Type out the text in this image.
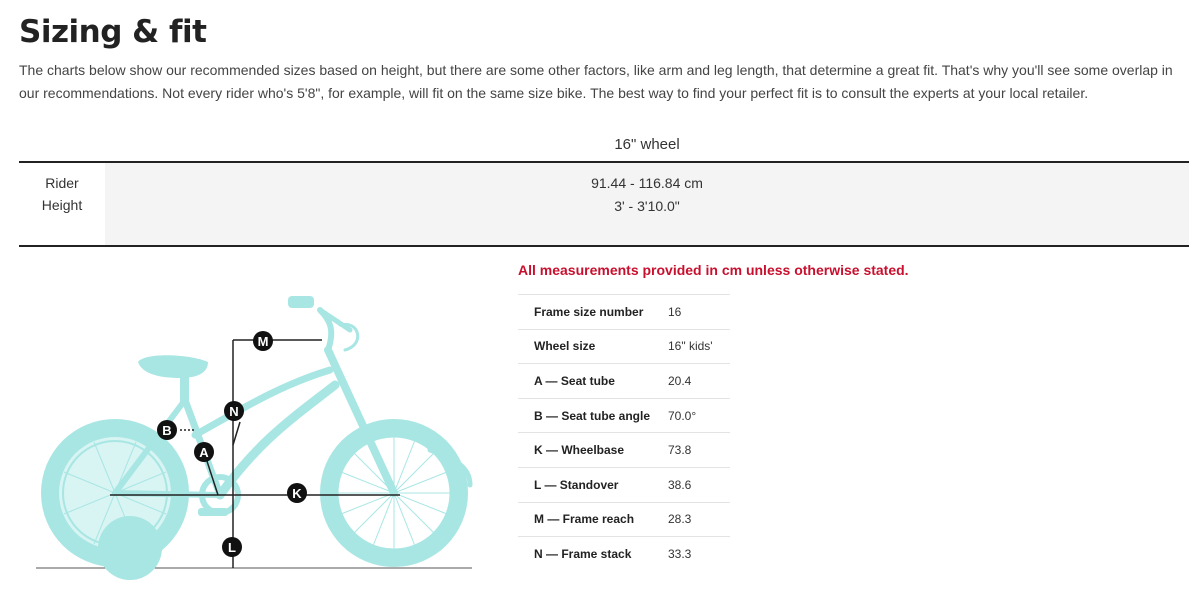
Sizing & fit

The charts below show our recommended sizes based on height, but there are some other factors, like arm and leg length, that determine a great fit. That's why you'll see some overlap in our recommendations. Not every rider who's 5'8", for example, will fit on the same size bike. The best way to find your perfect fit is to consult the experts at your local retailer.

16" wheel
Rider
Height
91.44 - 116.84 cm
3' - 3'10.0"
M
N
B
A
K
L

All measurements provided in cm unless otherwise stated.

Frame size number	16
Wheel size	16" kids'
A — Seat tube	20.4
B — Seat tube angle	70.0°
K — Wheelbase	73.8
L — Standover	38.6
M — Frame reach	28.3
N — Frame stack	33.3
